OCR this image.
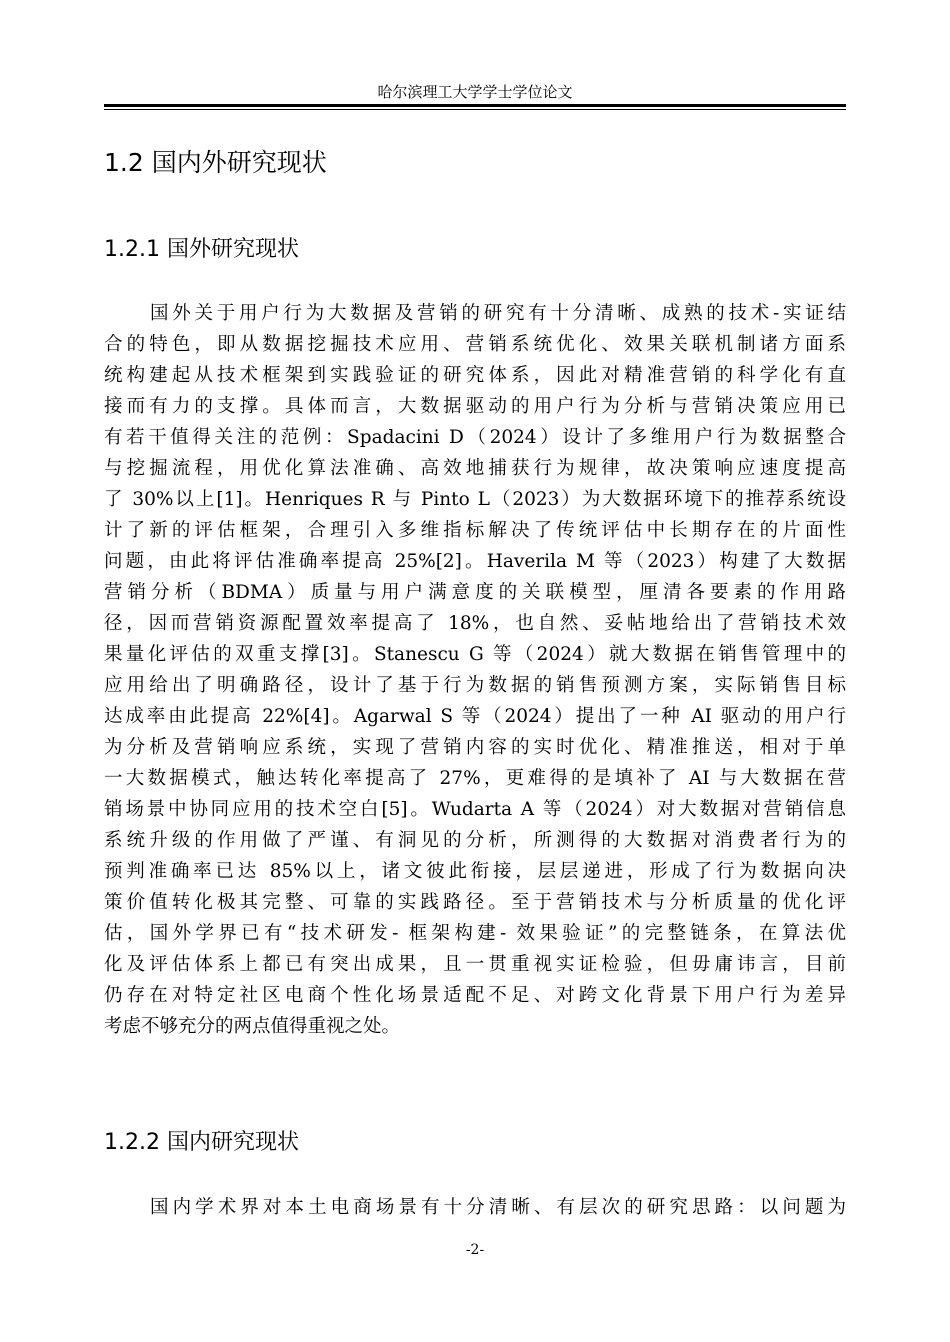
哈尔滨理工大学学士学位论文
1.2 国内外研究现状
1.2.1 国外研究现状
国外关于用户行为大数据及营销的研究有十分清晰、成熟的技术-实证结
合的特色，即从数据挖掘技术应用、营销系统优化、效果关联机制诸方面系
统构建起从技术框架到实践验证的研究体系，因此对精准营销的科学化有直
接而有力的支撑。具体而言，大数据驱动的用户行为分析与营销决策应用已
有若干值得关注的范例：Spadacini D（2024）设计了多维用户行为数据整合
与挖掘流程，用优化算法准确、高效地捕获行为规律，故决策响应速度提高
了 30%以上[1]。Henriques R 与 Pinto L（2023）为大数据环境下的推荐系统设
计了新的评估框架，合理引入多维指标解决了传统评估中长期存在的片面性
问题，由此将评估准确率提高 25%[2]。Haverila M 等（2023）构建了大数据
营销分析（BDMA）质量与用户满意度的关联模型，厘清各要素的作用路
径，因而营销资源配置效率提高了 18%，也自然、妥帖地给出了营销技术效
果量化评估的双重支撑[3]。Stanescu G 等（2024）就大数据在销售管理中的
应用给出了明确路径，设计了基于行为数据的销售预测方案，实际销售目标
达成率由此提高 22%[4]。Agarwal S 等（2024）提出了一种 AI 驱动的用户行
为分析及营销响应系统，实现了营销内容的实时优化、精准推送，相对于单
一大数据模式，触达转化率提高了 27%，更难得的是填补了 AI 与大数据在营
销场景中协同应用的技术空白[5]。Wudarta A 等（2024）对大数据对营销信息
系统升级的作用做了严谨、有洞见的分析，所测得的大数据对消费者行为的
预判准确率已达 85%以上，诸文彼此衔接，层层递进，形成了行为数据向决
策价值转化极其完整、可靠的实践路径。至于营销技术与分析质量的优化评
估，国外学界已有“技术研发- 框架构建- 效果验证”的完整链条，在算法优
化及评估体系上都已有突出成果，且一贯重视实证检验，但毋庸讳言，目前
仍存在对特定社区电商个性化场景适配不足、对跨文化背景下用户行为差异
考虑不够充分的两点值得重视之处。
1.2.2 国内研究现状
国内学术界对本土电商场景有十分清晰、有层次的研究思路：以问题为
-2-
